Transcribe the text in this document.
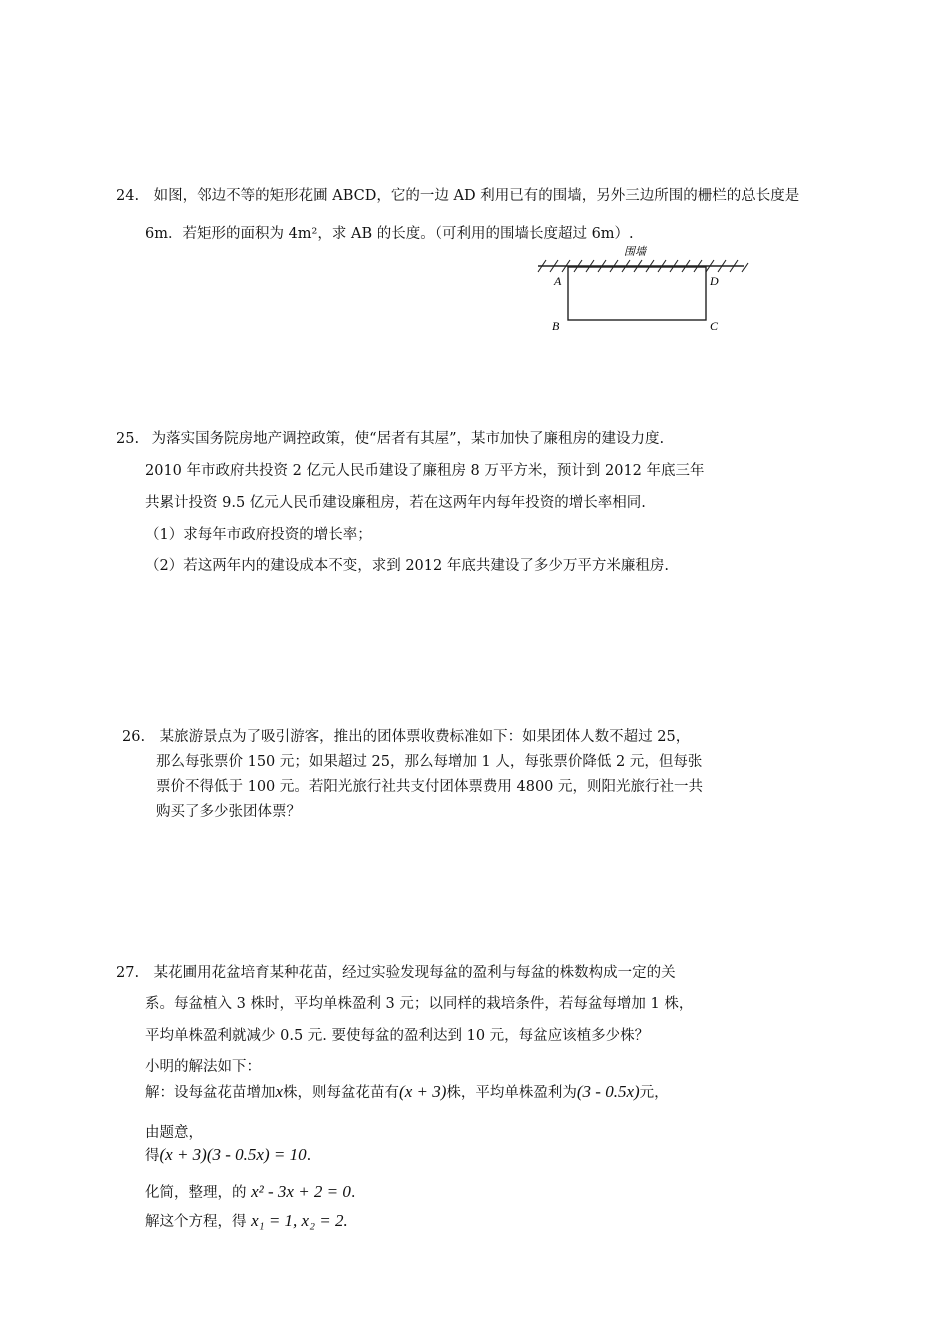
24. 如图，邻边不等的矩形花圃 ABCD，它的一边 AD 利用已有的围墙，另外三边所围的栅栏的总长度是
6m．若矩形的面积为 4m²，求 AB 的长度。（可利用的围墙长度超过 6m）.
围墙
A	D
B	C
25. 为落实国务院房地产调控政策，使“居者有其屋”，某市加快了廉租房的建设力度.
2010 年市政府共投资 2 亿元人民币建设了廉租房 8 万平方米，预计到 2012 年底三年
共累计投资 9.5 亿元人民币建设廉租房，若在这两年内每年投资的增长率相同.
（1）求每年市政府投资的增长率；
（2）若这两年内的建设成本不变，求到 2012 年底共建设了多少万平方米廉租房.
26. 某旅游景点为了吸引游客，推出的团体票收费标准如下：如果团体人数不超过 25，
那么每张票价 150 元；如果超过 25，那么每增加 1 人，每张票价降低 2 元，但每张
票价不得低于 100 元。若阳光旅行社共支付团体票费用 4800 元，则阳光旅行社一共
购买了多少张团体票？
27. 某花圃用花盆培育某种花苗，经过实验发现每盆的盈利与每盆的株数构成一定的关
系。每盆植入 3 株时，平均单株盈利 3 元；以同样的栽培条件，若每盆每增加 1 株，
平均单株盈利就减少 0.5 元. 要使每盆的盈利达到 10 元，每盆应该植多少株？
小明的解法如下：
解：设每盆花苗增加x株，则每盆花苗有(x + 3)株，平均单株盈利为(3 - 0.5x)元，
由题意，
得(x + 3)(3 - 0.5x) = 10.
化简，整理，的 x² - 3x + 2 = 0.
解这个方程，得 x₁ = 1, x₂ = 2.
